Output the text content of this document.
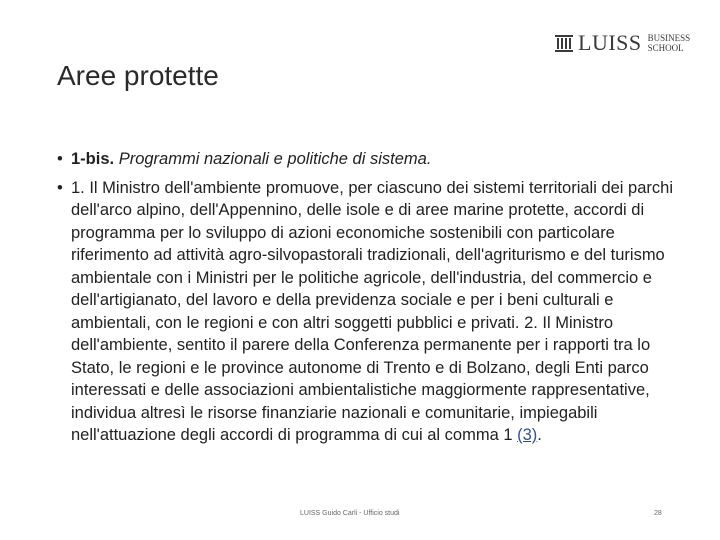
LUISS BUSINESS
SCHOOL
Aree protette
• 1-bis. Programmi nazionali e politiche di sistema.

• 1. Il Ministro dell'ambiente promuove, per ciascuno dei sistemi territoriali dei parchi dell'arco alpino, dell'Appennino, delle isole e di aree marine protette, accordi di programma per lo sviluppo di azioni economiche sostenibili con particolare riferimento ad attività agro-silvopastorali tradizionali, dell'agriturismo e del turismo ambientale con i Ministri per le politiche agricole, dell'industria, del commercio e dell'artigianato, del lavoro e della previdenza sociale e per i beni culturali e ambientali, con le regioni e con altri soggetti pubblici e privati. 2. Il Ministro dell'ambiente, sentito il parere della Conferenza permanente per i rapporti tra lo Stato, le regioni e le province autonome di Trento e di Bolzano, degli Enti parco interessati e delle associazioni ambientalistiche maggiormente rappresentative, individua altresì le risorse finanziarie nazionali e comunitarie, impiegabili nell'attuazione degli accordi di programma di cui al comma 1 (3).

LUISS Guido Carli - Ufficio studi	28
